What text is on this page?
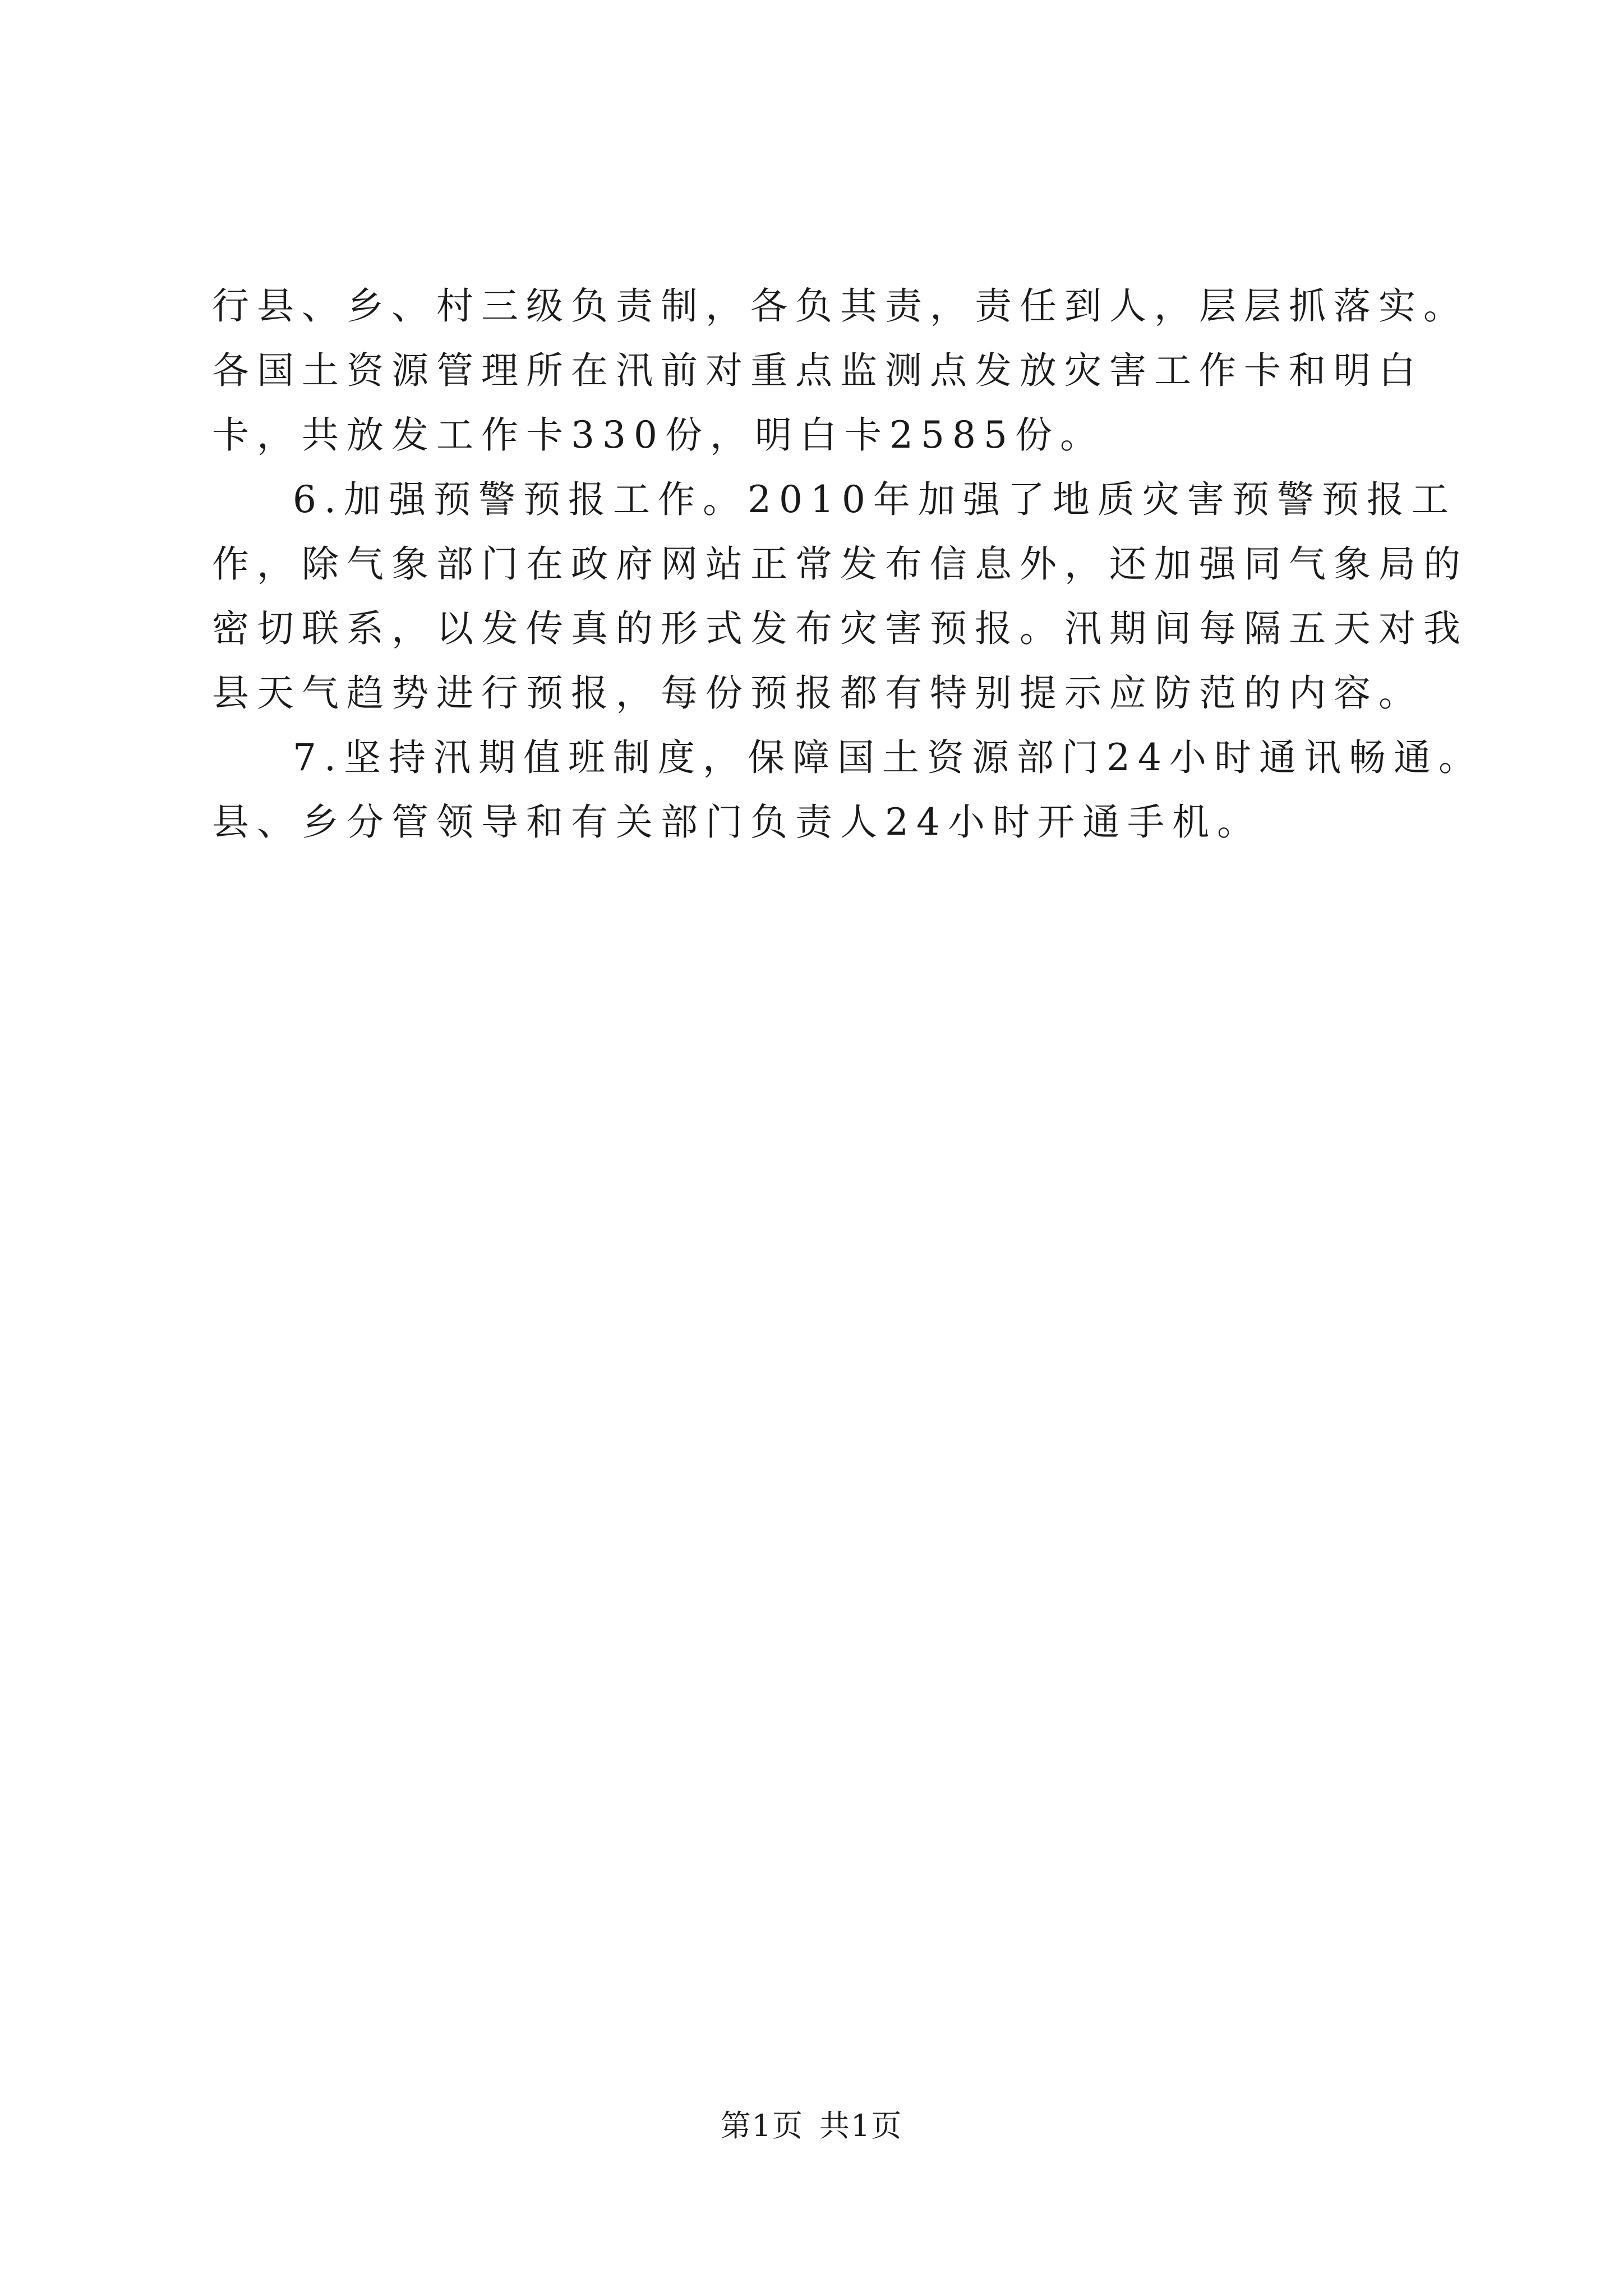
行县、乡、村三级负责制，各负其责，责任到人，层层抓落实。
各国土资源管理所在汛前对重点监测点发放灾害工作卡和明白
卡，共放发工作卡330份，明白卡2585份。

6.加强预警预报工作。2010年加强了地质灾害预警预报工
作，除气象部门在政府网站正常发布信息外，还加强同气象局的
密切联系，以发传真的形式发布灾害预报。汛期间每隔五天对我
县天气趋势进行预报，每份预报都有特别提示应防范的内容。

7.坚持汛期值班制度，保障国土资源部门24小时通讯畅通。
县、乡分管领导和有关部门负责人24小时开通手机。

第1页 共1页
